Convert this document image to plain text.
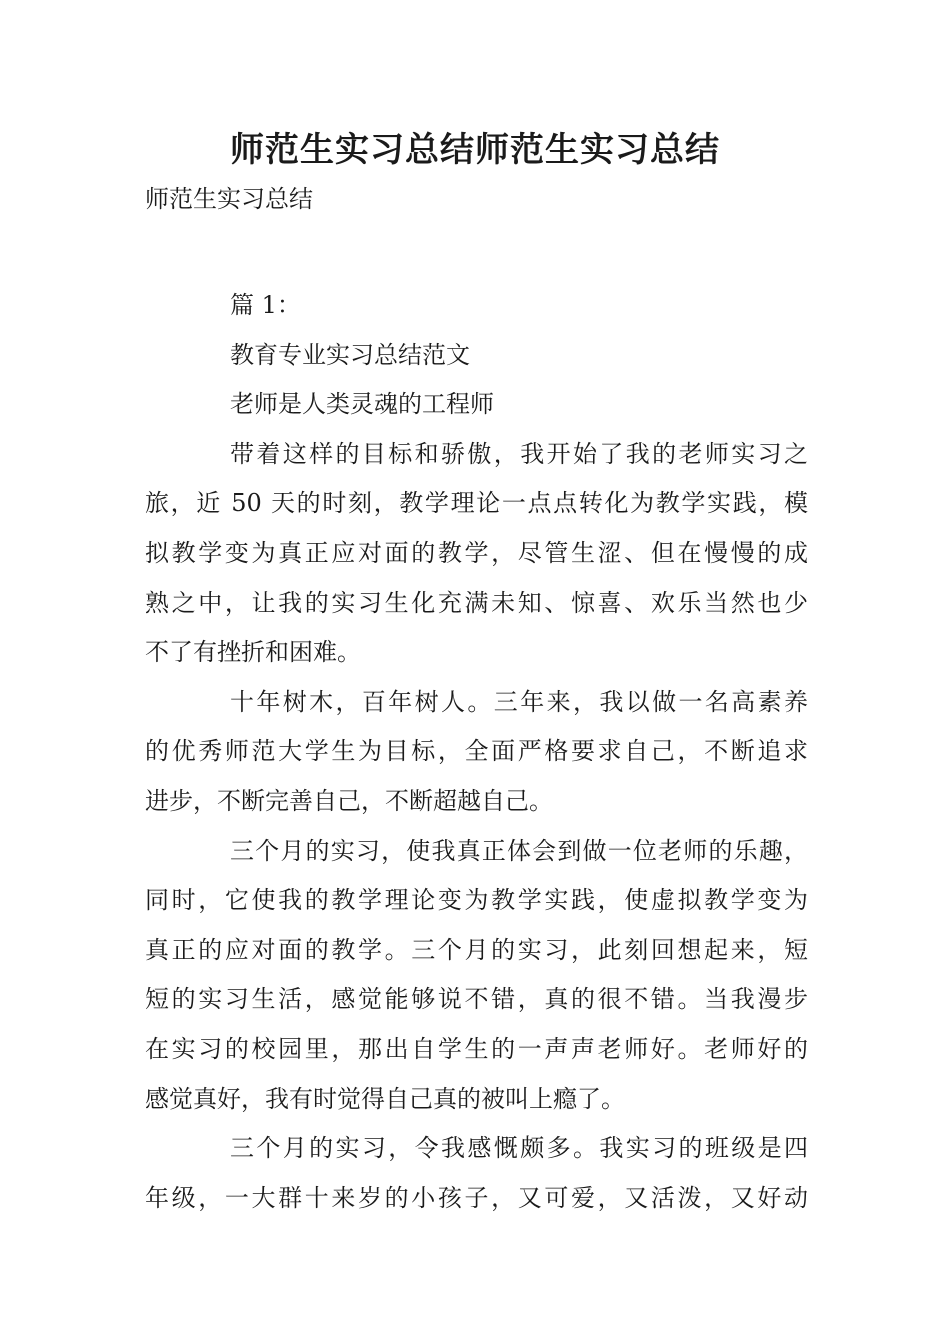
师范生实习总结师范生实习总结

师范生实习总结

篇 1：

教育专业实习总结范文

老师是人类灵魂的工程师

带着这样的目标和骄傲，我开始了我的老师实习之
旅，近 50 天的时刻，教学理论一点点转化为教学实践，模
拟教学变为真正应对面的教学，尽管生涩、但在慢慢的成
熟之中，让我的实习生化充满未知、惊喜、欢乐当然也少
不了有挫折和困难。

十年树木，百年树人。三年来，我以做一名高素养
的优秀师范大学生为目标，全面严格要求自己，不断追求
进步，不断完善自己，不断超越自己。

三个月的实习，使我真正体会到做一位老师的乐趣，
同时，它使我的教学理论变为教学实践，使虚拟教学变为
真正的应对面的教学。三个月的实习，此刻回想起来，短
短的实习生活，感觉能够说不错，真的很不错。当我漫步
在实习的校园里，那出自学生的一声声老师好。老师好的
感觉真好，我有时觉得自己真的被叫上瘾了。

三个月的实习，令我感慨颇多。我实习的班级是四
年级，一大群十来岁的小孩子，又可爱，又活泼，又好动
